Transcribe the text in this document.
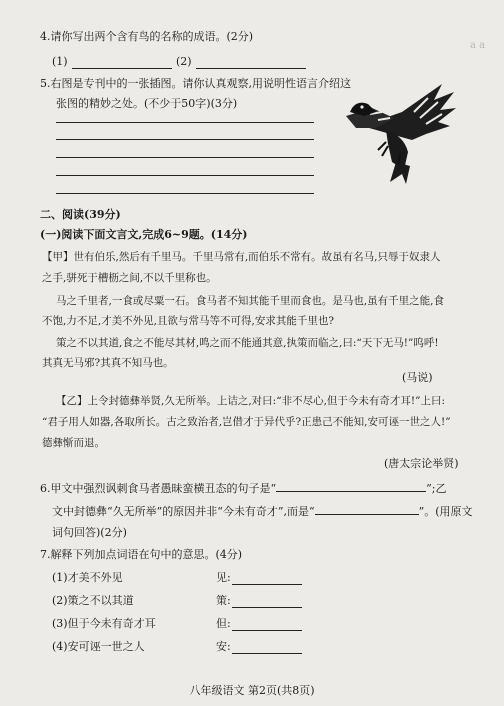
a a
4.请你写出两个含有鸟的名称的成语。(2分)
(1)	(2)
5.右图是专刊中的一张插图。请你认真观察,用说明性语言介绍这
张图的精妙之处。(不少于50字)(3分)
二、阅读(39分)
(一)阅读下面文言文,完成6~9题。(14分)
【甲】世有伯乐,然后有千里马。千里马常有,而伯乐不常有。故虽有名马,只辱于奴隶人
之手,骈死于槽枥之间,不以千里称也。
马之千里者,一食或尽粟一石。食马者不知其能千里而食也。是马也,虽有千里之能,食
不饱,力不足,才美不外见,且欲与常马等不可得,安求其能千里也?
策之不以其道,食之不能尽其材,鸣之而不能通其意,执策而临之,曰:“天下无马!”呜呼!
其真无马邪?其真不知马也。
(马说)
【乙】上令封德彝举贤,久无所举。上诘之,对曰:“非不尽心,但于今未有奇才耳!”上曰:
“君子用人如器,各取所长。古之致治者,岂借才于异代乎?正患己不能知,安可诬一世之人!”
德彝惭而退。
(唐太宗论举贤)
6.甲文中强烈讽刺食马者愚昧蛮横丑态的句子是“	”;乙
文中封德彝“久无所举”的原因并非“今未有奇才”,而是“	”。(用原文
词句回答)(2分)
7.解释下列加点词语在句中的意思。(4分)
(1)才美不外见	见:
(2)策之不以其道	策:
(3)但于今未有奇才耳	但:
(4)安可诬一世之人	安:
八年级语文 第2页(共8页)
